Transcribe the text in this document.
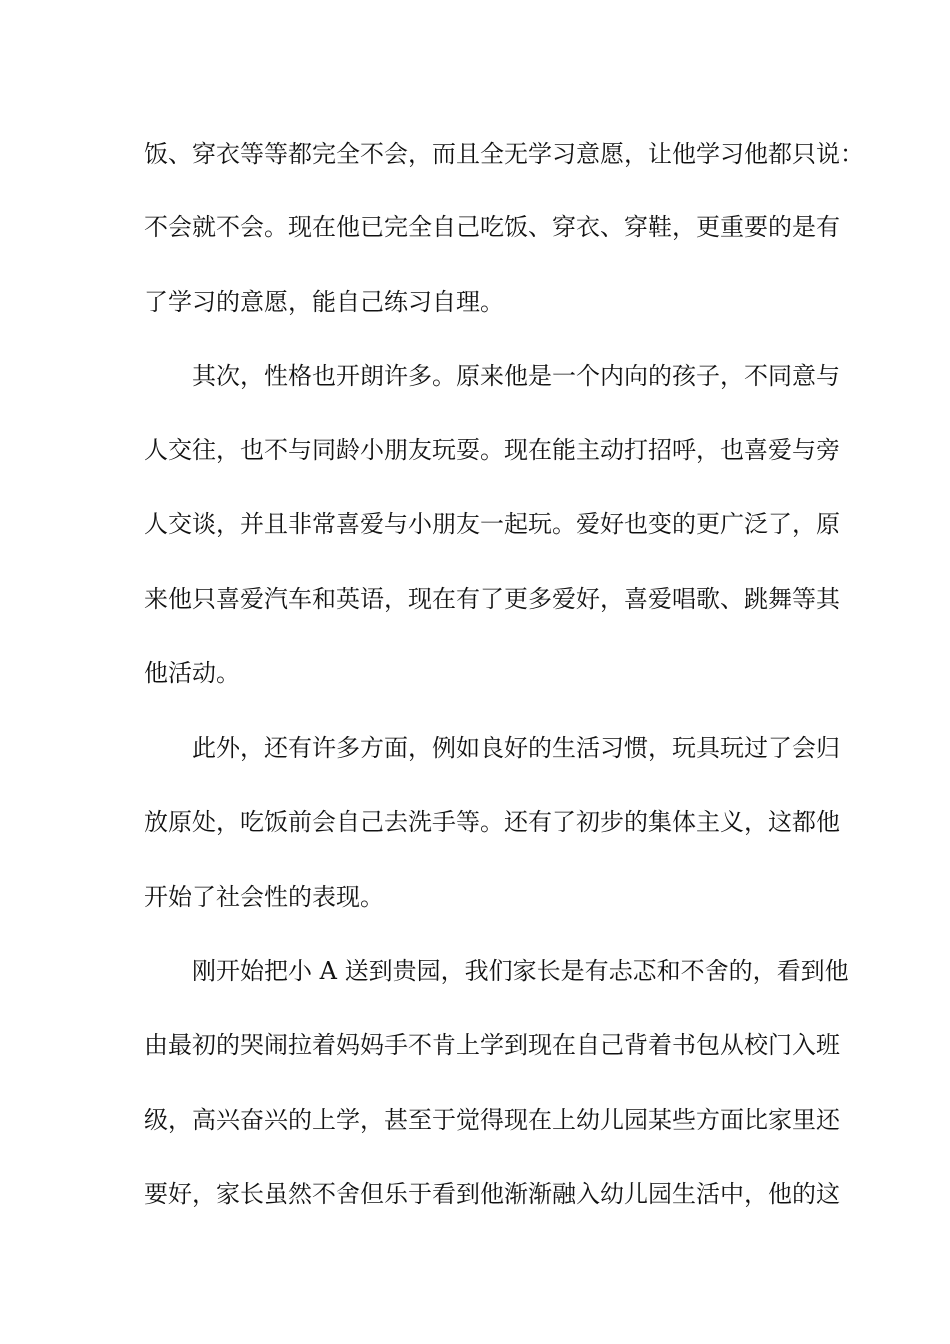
饭、穿衣等等都完全不会，而且全无学习意愿，让他学习他都只说：
不会就不会。现在他已完全自己吃饭、穿衣、穿鞋，更重要的是有
了学习的意愿，能自己练习自理。
其次，性格也开朗许多。原来他是一个内向的孩子，不同意与
人交往，也不与同龄小朋友玩耍。现在能主动打招呼，也喜爱与旁
人交谈，并且非常喜爱与小朋友一起玩。爱好也变的更广泛了，原
来他只喜爱汽车和英语，现在有了更多爱好，喜爱唱歌、跳舞等其
他活动。
此外，还有许多方面，例如良好的生活习惯，玩具玩过了会归
放原处，吃饭前会自己去洗手等。还有了初步的集体主义，这都他
开始了社会性的表现。
刚开始把小 A 送到贵园，我们家长是有忐忑和不舍的，看到他
由最初的哭闹拉着妈妈手不肯上学到现在自己背着书包从校门入班
级，高兴奋兴的上学，甚至于觉得现在上幼儿园某些方面比家里还
要好，家长虽然不舍但乐于看到他渐渐融入幼儿园生活中，他的这
